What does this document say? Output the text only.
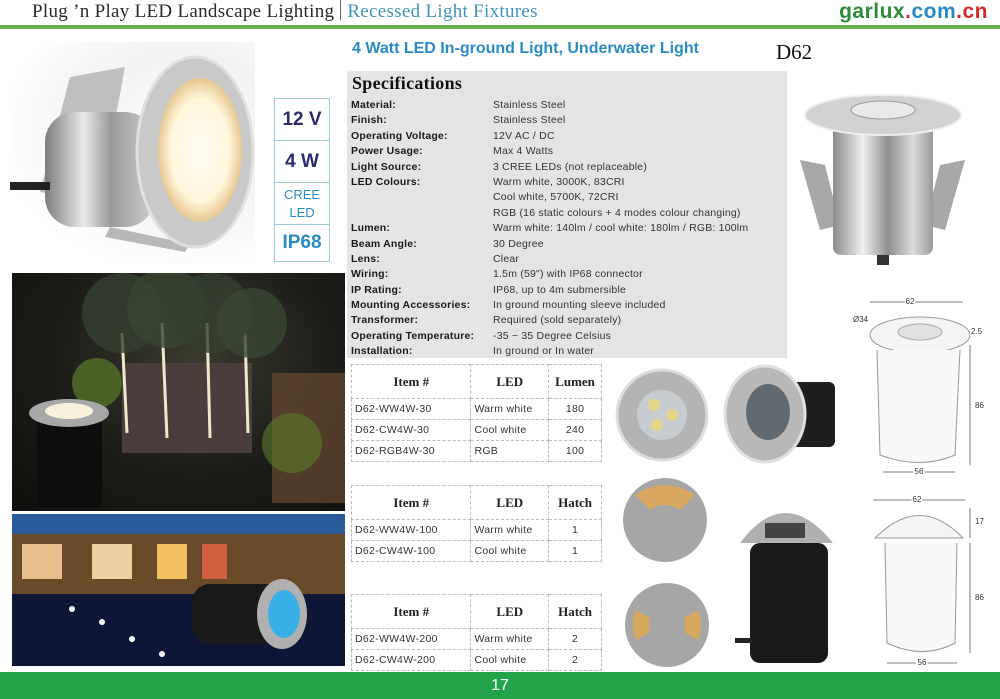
Plug ’n Play LED Landscape Lighting Recessed Light Fixtures	garlux.com.cn
4 Watt LED In-ground Light, Underwater Light	D62
12 V
4 W
CREE
LED
IP68
Specifications
Material:	Stainless Steel
Finish:	Stainless Steel
Operating Voltage:	12V AC / DC
Power Usage:	Max 4 Watts
Light Source:	3 CREE LEDs (not replaceable)
LED Colours:	Warm white, 3000K, 83CRI
Cool white, 5700K, 72CRI
RGB (16 static colours + 4 modes colour changing)
Lumen:	Warm white: 140lm / cool white: 180lm / RGB: 100lm
Beam Angle:	30 Degree
Lens:	Clear
Wiring:	1.5m (59") with IP68 connector
IP Rating:	IP68, up to 4m submersible
Mounting Accessories:	In ground mounting sleeve included
Transformer:	Required (sold separately)
Operating Temperature:	-35 ~ 35 Degree Celsius
Installation:	In ground or In water
Item #	LED	Lumen
D62-WW4W-30	Warm white	180
D62-CW4W-30	Cool white	240
D62-RGB4W-30	RGB	100
Item #	LED	Hatch
D62-WW4W-100	Warm white	1
D62-CW4W-100	Cool white	1
Item #	LED	Hatch
D62-WW4W-200	Warm white	2
D62-CW4W-200	Cool white	2
62
Ø34
2.5
86
56
62
17
86
56
17
